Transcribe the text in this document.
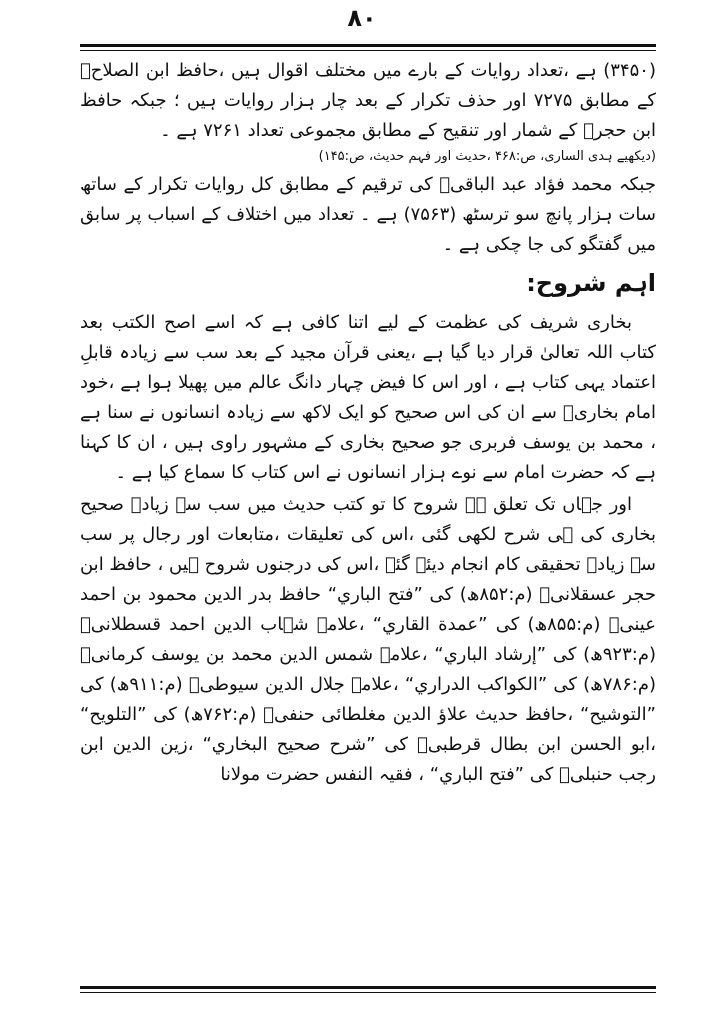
۸۰

(۳۴۵۰) ہے ،تعداد روایات کے بارے میں مختلف اقوال ہیں ،حافظ ابن الصلاحؒ کے مطابق ۷۲۷۵ اور حذف تکرار کے بعد چار ہزار روایات ہیں ؛ جبکہ حافظ ابن حجرؒ کے شمار اور تنقیح کے مطابق مجموعی تعداد ۷۲۶۱ ہے ۔
(دیکھیے ہدی الساری، ص:۴۶۸ ،حدیث اور فہم حدیث، ص:۱۴۵)

جبکہ محمد فؤاد عبد الباقیؒ کی ترقیم کے مطابق کل روایات تکرار کے ساتھ سات ہزار پانچ سو ترسٹھ (۷۵۶۳) ہے ۔ تعداد میں اختلاف کے اسباب پر سابق میں گفتگو کی جا چکی ہے ۔

اہم شروح:

بخاری شریف کی عظمت کے لیے اتنا کافی ہے کہ اسے اصح الکتب بعد کتاب اللہ تعالیٰ قرار دیا گیا ہے ،یعنی قرآن مجید کے بعد سب سے زیادہ قابلِ اعتماد یہی کتاب ہے ، اور اس کا فیض چہار دانگ عالم میں پھیلا ہوا ہے ،خود امام بخاریؒ سے ان کی اس صحیح کو ایک لاکھ سے زیادہ انسانوں نے سنا ہے ، محمد بن یوسف فربری جو صحیح بخاری کے مشہور راوی ہیں ، ان کا کہنا ہے کہ حضرت امام سے نوے ہزار انسانوں نے اس کتاب کا سماع کیا ہے ۔

اور جہاں تک تعلق ہے شروح کا تو کتب حدیث میں سب سے زیادہ صحیح بخاری کی ہی شرح لکھی گئی ،اس کی تعلیقات ،متابعات اور رجال پر سب سے زیادہ تحقیقی کام انجام دیئے گئے ،اس کی درجنوں شروح ہیں ، حافظ ابن حجر عسقلانیؒ (م:۸۵۲ھ) کی ”فتح الباري“ حافظ بدر الدین محمود بن احمد عینیؒ (م:۸۵۵ھ) کی ”عمدة القاري“ ،علامہ شہاب الدین احمد قسطلانیؒ (م:۹۲۳ھ) کی ”إرشاد الباري“ ،علامہ شمس الدین محمد بن یوسف کرمانیؒ (م:۷۸۶ھ) کی ”الكواكب الدراري“ ،علامہ جلال الدین سیوطیؒ (م:۹۱۱ھ) کی ”التوشيح“ ،حافظ حدیث علاؤ الدین مغلطائی حنفیؒ (م:۷۶۲ھ) کی ”التلويح“ ،ابو الحسن ابن بطال قرطبیؒ کی ”شرح صحيح البخاري“ ،زین الدین ابن رجب حنبلیؒ کی ”فتح الباري“ ، فقیہ النفس حضرت مولانا
